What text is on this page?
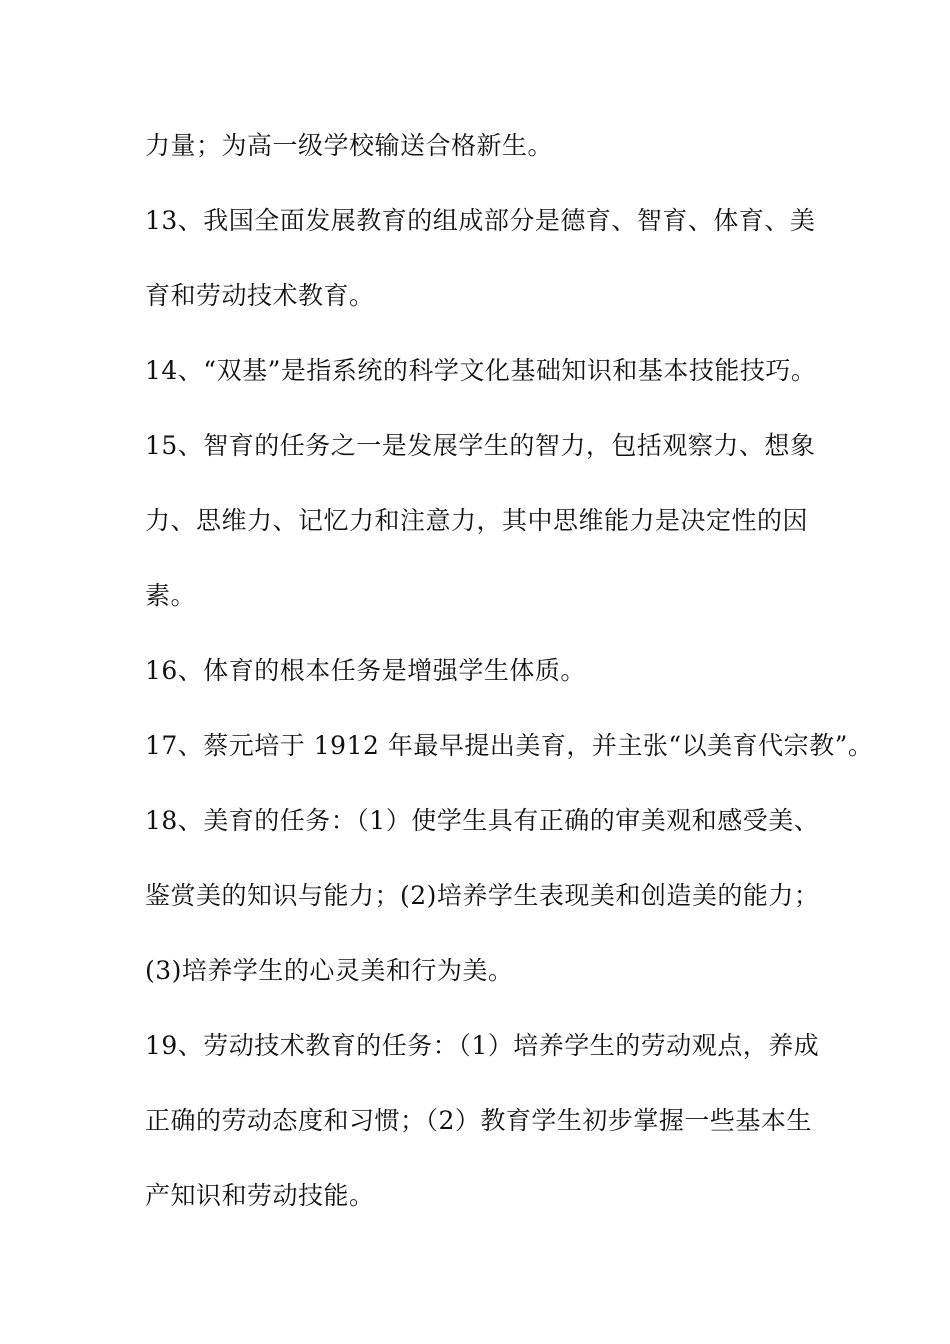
力量；为高一级学校输送合格新生。
13、我国全面发展教育的组成部分是德育、智育、体育、美
育和劳动技术教育。
14、“双基”是指系统的科学文化基础知识和基本技能技巧。
15、智育的任务之一是发展学生的智力，包括观察力、想象
力、思维力、记忆力和注意力，其中思维能力是决定性的因
素。
16、体育的根本任务是增强学生体质。
17、蔡元培于 1912 年最早提出美育，并主张“以美育代宗教”。
18、美育的任务：（1）使学生具有正确的审美观和感受美、
鉴赏美的知识与能力；(2)培养学生表现美和创造美的能力；
(3)培养学生的心灵美和行为美。
19、劳动技术教育的任务：（1）培养学生的劳动观点，养成
正确的劳动态度和习惯；（2）教育学生初步掌握一些基本生
产知识和劳动技能。
